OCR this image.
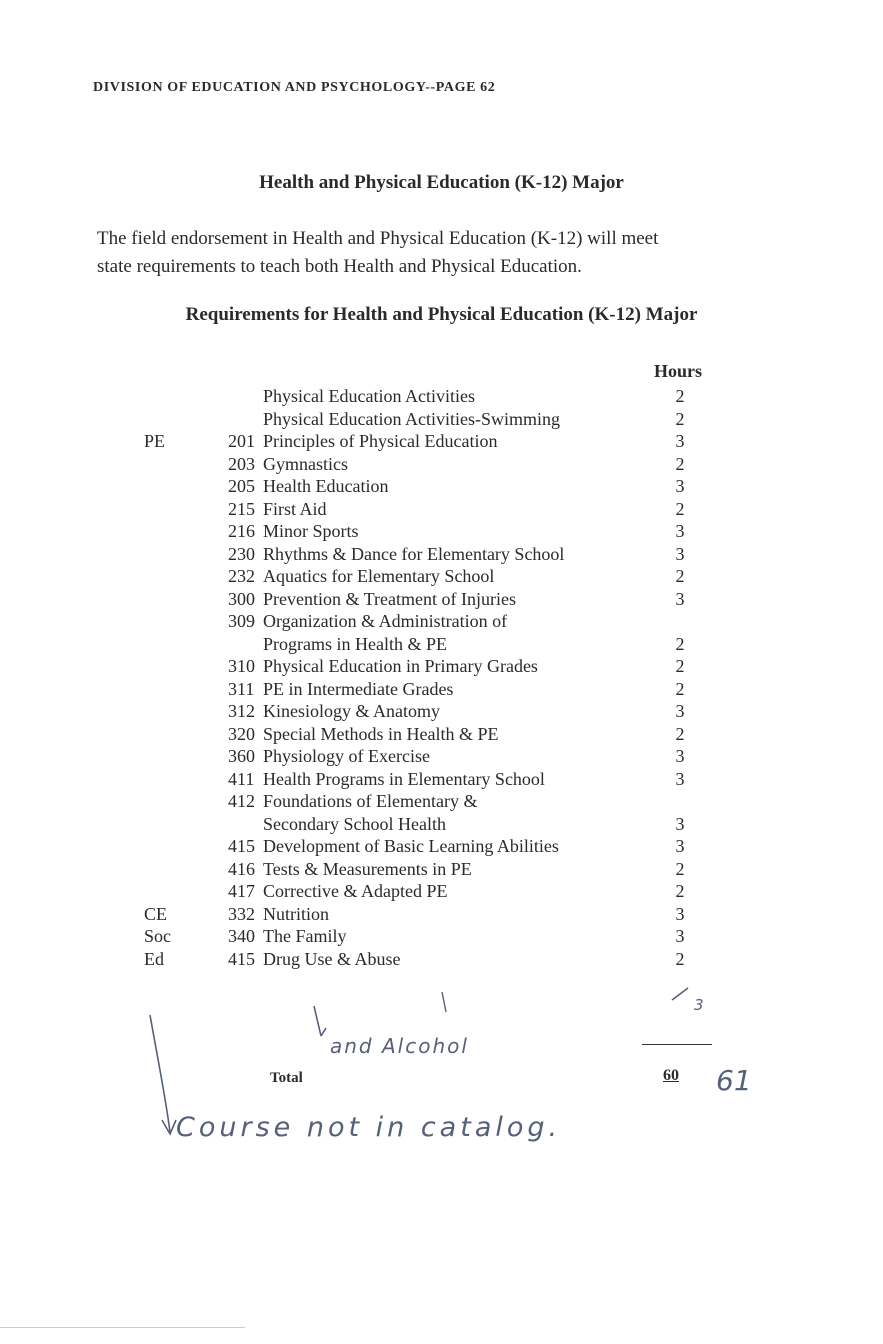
DIVISION OF EDUCATION AND PSYCHOLOGY--PAGE 62
Health and Physical Education (K-12) Major

The field endorsement in Health and Physical Education (K-12) will meet

state requirements to teach both Health and Physical Education.

Requirements for Health and Physical Education (K-12) Major
Hours
Physical Education Activities	2
Physical Education Activities-Swimming	2
PE	201 Principles of Physical Education	3
203 Gymnastics	2
205 Health Education	3
215 First Aid	2
216 Minor Sports	3
230 Rhythms & Dance for Elementary School	3
232 Aquatics for Elementary School	2
300 Prevention & Treatment of Injuries	3
309 Organization & Administration of
Programs in Health & PE	2
310 Physical Education in Primary Grades	2
311 PE in Intermediate Grades	2
312 Kinesiology & Anatomy	3
320 Special Methods in Health & PE	2
360 Physiology of Exercise	3
411 Health Programs in Elementary School	3
412 Foundations of Elementary &
Secondary School Health	3
415 Development of Basic Learning Abilities	3
416 Tests & Measurements in PE	2
417 Corrective & Adapted PE	2
CE	332 Nutrition	3
Soc	340 The Family	3
Ed	415 Drug Use & Abuse	2
Total	60
3
and Alcohol
61
Course not in catalog.
